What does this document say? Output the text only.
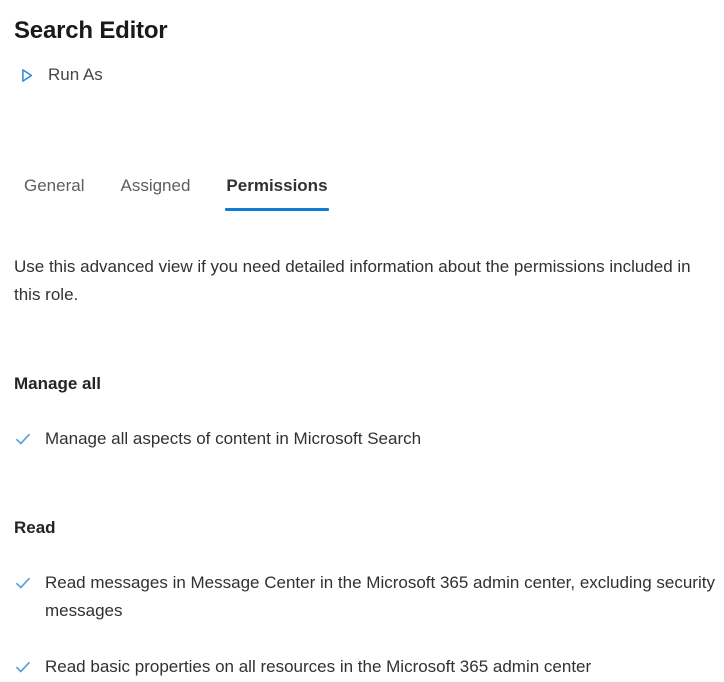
Search Editor
Run As
General	Assigned	Permissions

Use this advanced view if you need detailed information about the permissions included in this role.

Manage all
Manage all aspects of content in Microsoft Search
Read
Read messages in Message Center in the Microsoft 365 admin center, excluding security messages
Read basic properties on all resources in the Microsoft 365 admin center
